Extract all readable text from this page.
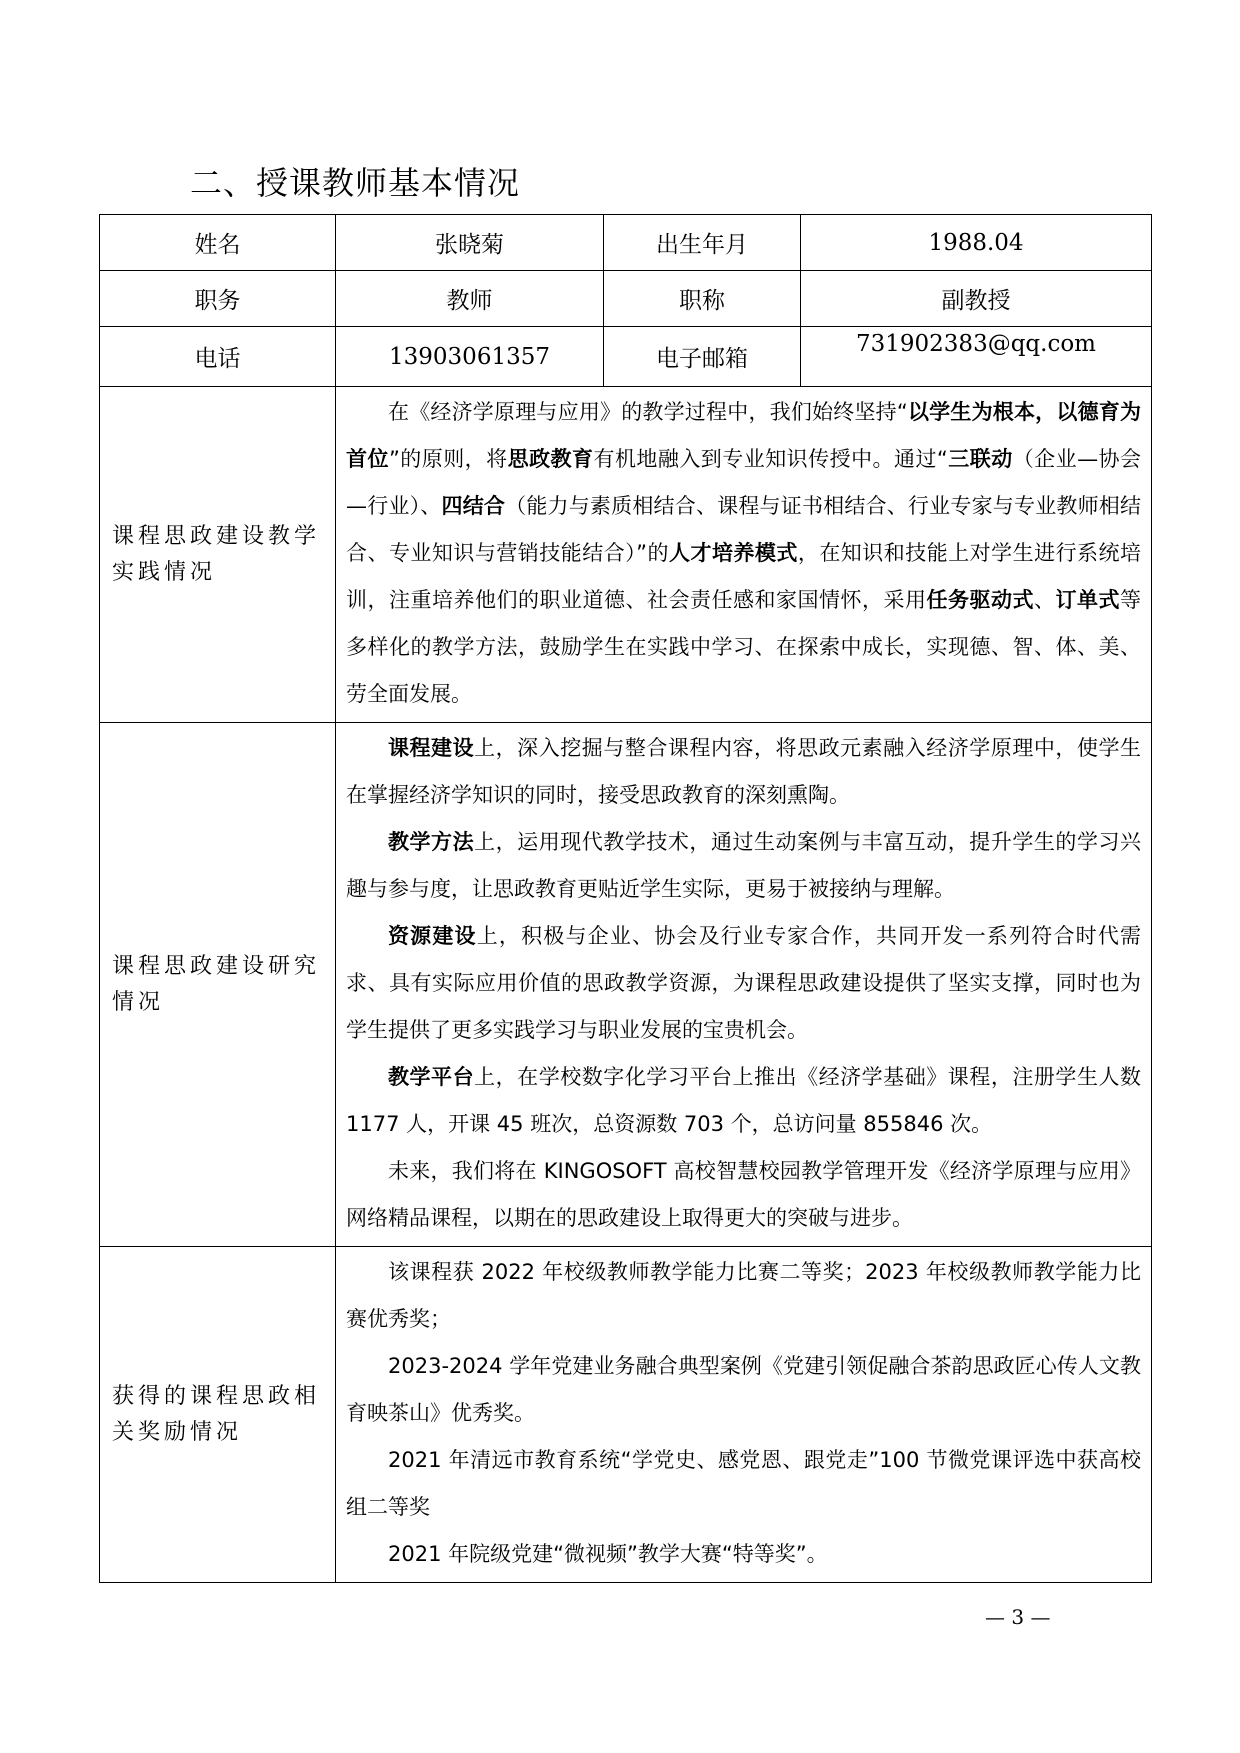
二、授课教师基本情况
姓名	张晓菊	出生年月	1988.04
职务	教师	职称	副教授
电话	13903061357	电子邮箱	731902383@qq.com
课程思政建设教学实践情况	在《经济学原理与应用》的教学过程中，我们始终坚持“以学生为根本，以德育为首位”的原则，将思政教育有机地融入到专业知识传授中。通过“三联动（企业—协会—行业）、四结合（能力与素质相结合、课程与证书相结合、行业专家与专业教师相结合、专业知识与营销技能结合）”的人才培养模式，在知识和技能上对学生进行系统培训，注重培养他们的职业道德、社会责任感和家国情怀，采用任务驱动式、订单式等多样化的教学方法，鼓励学生在实践中学习、在探索中成长，实现德、智、体、美、劳全面发展。		

课程思政建设研究情况	课程建设上，深入挖掘与整合课程内容，将思政元素融入经济学原理中，使学生在掌握经济学知识的同时，接受思政教育的深刻熏陶。

教学方法上，运用现代教学技术，通过生动案例与丰富互动，提升学生的学习兴趣与参与度，让思政教育更贴近学生实际，更易于被接纳与理解。

资源建设上，积极与企业、协会及行业专家合作，共同开发一系列符合时代需求、具有实际应用价值的思政教学资源，为课程思政建设提供了坚实支撑，同时也为学生提供了更多实践学习与职业发展的宝贵机会。

教学平台上，在学校数字化学习平台上推出《经济学基础》课程，注册学生人数 1177 人，开课 45 班次，总资源数 703 个，总访问量 855846 次。

未来，我们将在 KINGOSOFT 高校智慧校园教学管理开发《经济学原理与应用》网络精品课程，以期在的思政建设上取得更大的突破与进步。		

获得的课程思政相关奖励情况	该课程获 2022 年校级教师教学能力比赛二等奖；2023 年校级教师教学能力比赛优秀奖；

2023-2024 学年党建业务融合典型案例《党建引领促融合茶韵思政匠心传人文教育映茶山》优秀奖。

2021 年清远市教育系统“学党史、感党恩、跟党走”100 节微党课评选中获高校组二等奖

2021 年院级党建“微视频”教学大赛“特等奖”。		

— 3 —
